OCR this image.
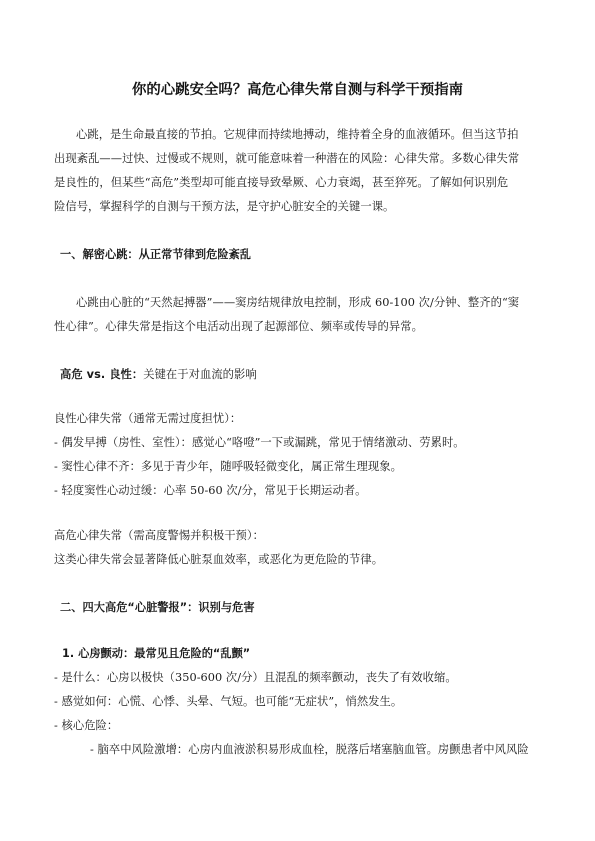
你的心跳安全吗？高危心律失常自测与科学干预指南
心跳，是生命最直接的节拍。它规律而持续地搏动，维持着全身的血液循环。但当这节拍
出现紊乱——过快、过慢或不规则，就可能意味着一种潜在的风险：心律失常。多数心律失常
是良性的，但某些“高危”类型却可能直接导致晕厥、心力衰竭，甚至猝死。了解如何识别危
险信号，掌握科学的自测与干预方法，是守护心脏安全的关键一课。
一、解密心跳：从正常节律到危险紊乱
心跳由心脏的“天然起搏器”——窦房结规律放电控制，形成 60-100 次/分钟、整齐的“窦
性心律”。心律失常是指这个电活动出现了起源部位、频率或传导的异常。
高危 vs. 良性：关键在于对血流的影响
良性心律失常（通常无需过度担忧）：
- 偶发早搏（房性、室性）：感觉心“咯噔”一下或漏跳，常见于情绪激动、劳累时。
- 窦性心律不齐：多见于青少年，随呼吸轻微变化，属正常生理现象。
- 轻度窦性心动过缓：心率 50-60 次/分，常见于长期运动者。
高危心律失常（需高度警惕并积极干预）：
这类心律失常会显著降低心脏泵血效率，或恶化为更危险的节律。
二、四大高危“心脏警报”：识别与危害
1. 心房颤动：最常见且危险的“乱颤”
- 是什么：心房以极快（350-600 次/分）且混乱的频率颤动，丧失了有效收缩。
- 感觉如何：心慌、心悸、头晕、气短。也可能“无症状”，悄然发生。
- 核心危险：
- 脑卒中风险激增：心房内血液淤积易形成血栓，脱落后堵塞脑血管。房颤患者中风风险
